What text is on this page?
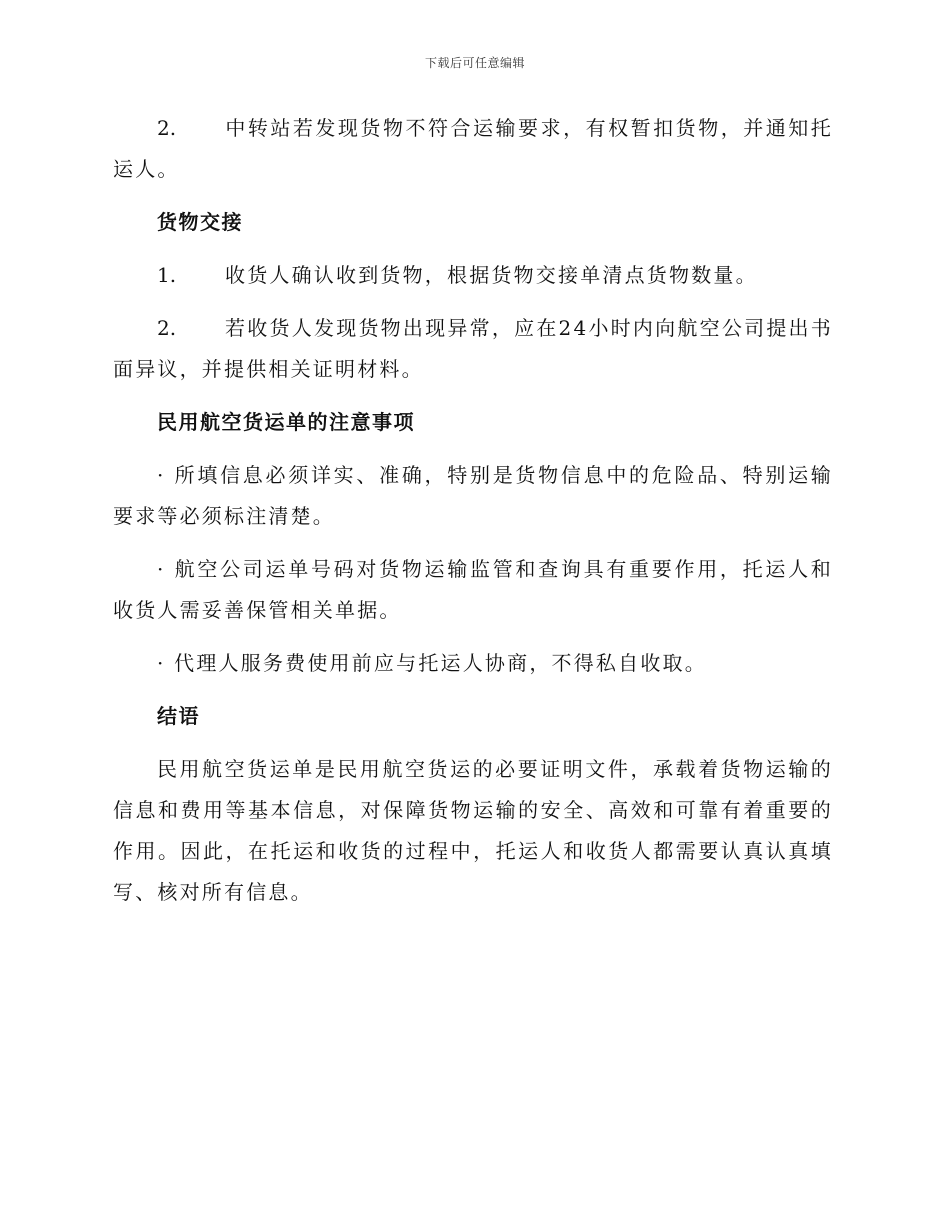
下载后可任意编辑

2. 中转站若发现货物不符合运输要求，有权暂扣货物，并通知托运人。

货物交接

1. 收货人确认收到货物，根据货物交接单清点货物数量。

2. 若收货人发现货物出现异常，应在24小时内向航空公司提出书面异议，并提供相关证明材料。

民用航空货运单的注意事项

· 所填信息必须详实、准确，特别是货物信息中的危险品、特别运输要求等必须标注清楚。

· 航空公司运单号码对货物运输监管和查询具有重要作用，托运人和收货人需妥善保管相关单据。

· 代理人服务费使用前应与托运人协商，不得私自收取。

结语

民用航空货运单是民用航空货运的必要证明文件，承载着货物运输的信息和费用等基本信息，对保障货物运输的安全、高效和可靠有着重要的作用。因此，在托运和收货的过程中，托运人和收货人都需要认真认真填写、核对所有信息。
